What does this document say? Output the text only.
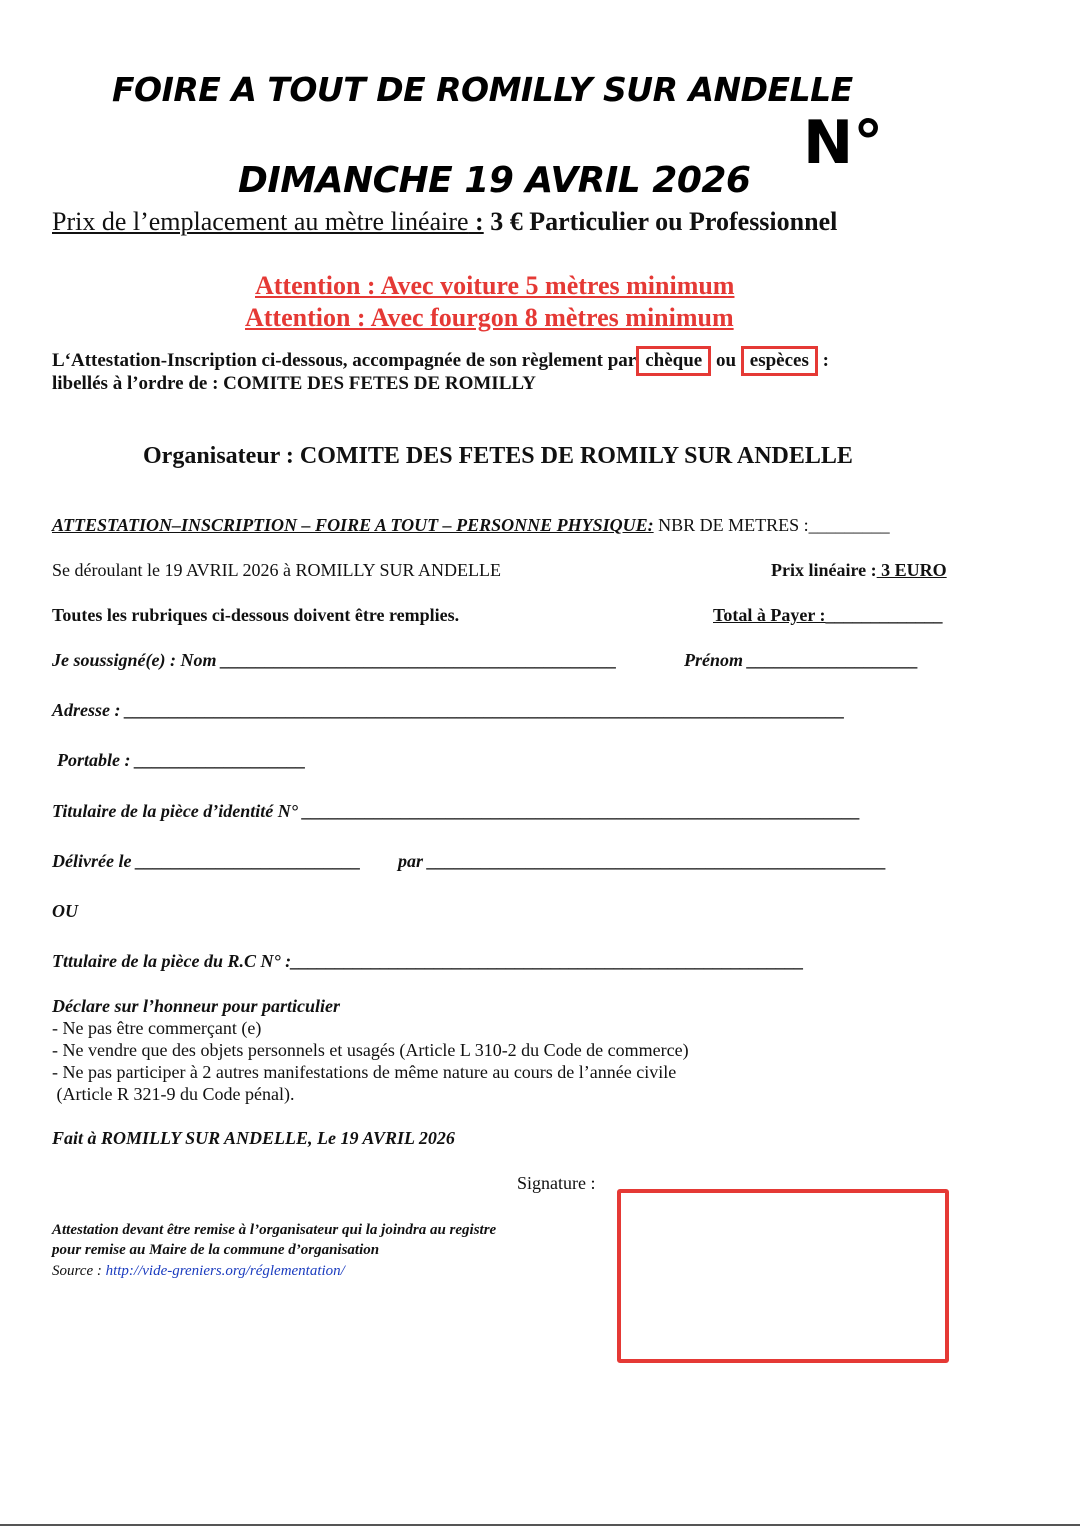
FOIRE A TOUT DE ROMILLY SUR ANDELLE
N°
DIMANCHE 19 AVRIL 2026
Prix de l’emplacement au mètre linéaire : 3 € Particulier ou Professionnel
Attention : Avec voiture 5 mètres minimum
Attention : Avec fourgon 8 mètres minimum
L‘Attestation-Inscription ci-dessous, accompagnée de son règlement par chèque ou espèces :
libellés à l’ordre de : COMITE DES FETES DE ROMILLY
Organisateur : COMITE DES FETES DE ROMILY SUR ANDELLE
ATTESTATION–INSCRIPTION – FOIRE A TOUT – PERSONNE PHYSIQUE: NBR DE METRES :_________
Se déroulant le 19 AVRIL 2026 à ROMILLY SUR ANDELLE	Prix linéaire : 3 EURO
Toutes les rubriques ci-dessous doivent être remplies.	Total à Payer :_____________
Je soussigné(e) : Nom ____________________________________________	Prénom ___________________
Adresse : ________________________________________________________________________________
Portable : ___________________
Titulaire de la pièce d’identité N° ______________________________________________________________
Délivrée le _________________________ par ___________________________________________________
OU
Tttulaire de la pièce du R.C N° :_________________________________________________________
Déclare sur l’honneur pour particulier
- Ne pas être commerçant (e)
- Ne vendre que des objets personnels et usagés (Article L 310-2 du Code de commerce)
- Ne pas participer à 2 autres manifestations de même nature au cours de l’année civile
(Article R 321-9 du Code pénal).
Fait à ROMILLY SUR ANDELLE, Le 19 AVRIL 2026
Signature :
Attestation devant être remise à l’organisateur qui la joindra au registre
pour remise au Maire de la commune d’organisation
Source : http://vide-greniers.org/réglementation/
